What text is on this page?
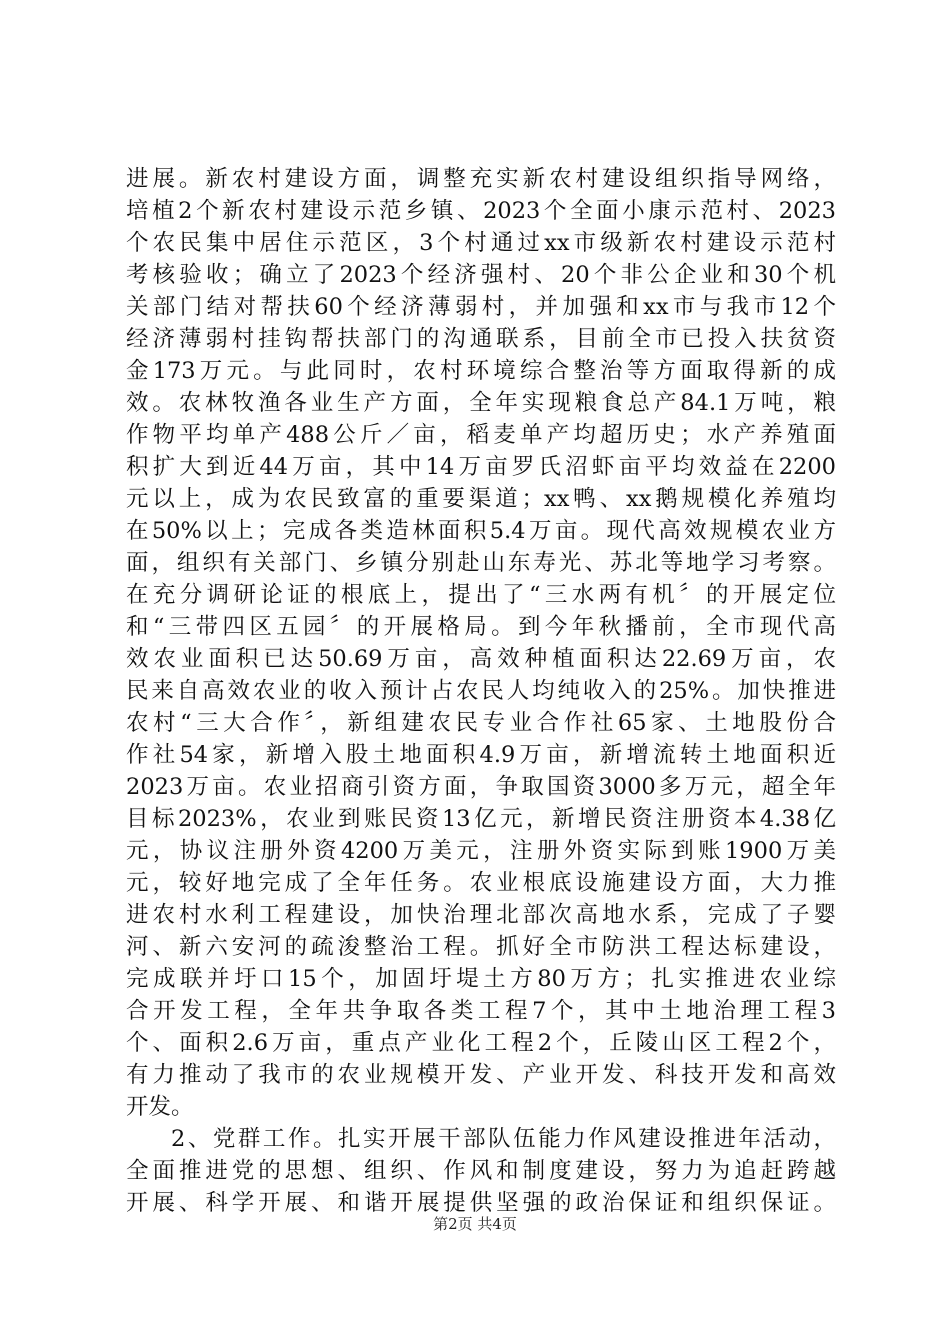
进展。新农村建设方面，调整充实新农村建设组织指导网络，
培植2个新农村建设示范乡镇、2023个全面小康示范村、2023
个农民集中居住示范区，3个村通过xx市级新农村建设示范村
考核验收；确立了2023个经济强村、20个非公企业和30个机
关部门结对帮扶60个经济薄弱村，并加强和xx市与我市12个
经济薄弱村挂钩帮扶部门的沟通联系，目前全市已投入扶贫资
金173万元。与此同时，农村环境综合整治等方面取得新的成
效。农林牧渔各业生产方面，全年实现粮食总产84.1万吨，粮
作物平均单产488公斤／亩，稻麦单产均超历史；水产养殖面
积扩大到近44万亩，其中14万亩罗氏沼虾亩平均效益在2200
元以上，成为农民致富的重要渠道；xx鸭、xx鹅规模化养殖均
在50%以上；完成各类造林面积5.4万亩。现代高效规模农业方
面，组织有关部门、乡镇分别赴山东寿光、苏北等地学习考察。
在充分调研论证的根底上，提出了“三水两有机〞的开展定位
和“三带四区五园〞的开展格局。到今年秋播前，全市现代高
效农业面积已达50.69万亩，高效种植面积达22.69万亩，农
民来自高效农业的收入预计占农民人均纯收入的25%。加快推进
农村“三大合作〞，新组建农民专业合作社65家、土地股份合
作社54家，新增入股土地面积4.9万亩，新增流转土地面积近
2023万亩。农业招商引资方面，争取国资3000多万元，超全年
目标2023%，农业到账民资13亿元，新增民资注册资本4.38亿
元，协议注册外资4200万美元，注册外资实际到账1900万美
元，较好地完成了全年任务。农业根底设施建设方面，大力推
进农村水利工程建设，加快治理北部次高地水系，完成了子婴
河、新六安河的疏浚整治工程。抓好全市防洪工程达标建设，
完成联并圩口15个，加固圩堤土方80万方；扎实推进农业综
合开发工程，全年共争取各类工程7个，其中土地治理工程3
个、面积2.6万亩，重点产业化工程2个，丘陵山区工程2个，
有力推动了我市的农业规模开发、产业开发、科技开发和高效
开发。
2、党群工作。扎实开展干部队伍能力作风建设推进年活动，
全面推进党的思想、组织、作风和制度建设，努力为追赶跨越
开展、科学开展、和谐开展提供坚强的政治保证和组织保证。
第2页 共4页
